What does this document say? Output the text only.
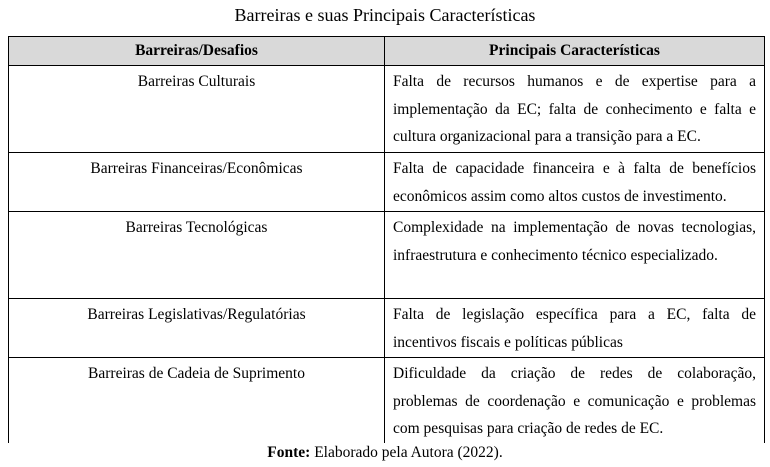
Barreiras e suas Principais Características
Barreiras/Desafios	Principais Características
Barreiras Culturais	Falta de recursos humanos e de expertise para a implementação da EC; falta de conhecimento e falta e cultura organizacional para a transição para a EC.
Barreiras Financeiras/Econômicas	Falta de capacidade financeira e à falta de benefícios econômicos assim como altos custos de investimento.
Barreiras Tecnológicas	Complexidade na implementação de novas tecnologias, infraestrutura e conhecimento técnico especializado.
Barreiras Legislativas/Regulatórias	Falta de legislação específica para a EC, falta de incentivos fiscais e políticas públicas
Barreiras de Cadeia de Suprimento	Dificuldade da criação de redes de colaboração, problemas de coordenação e comunicação e problemas com pesquisas para criação de redes de EC.
Fonte: Elaborado pela Autora (2022).
